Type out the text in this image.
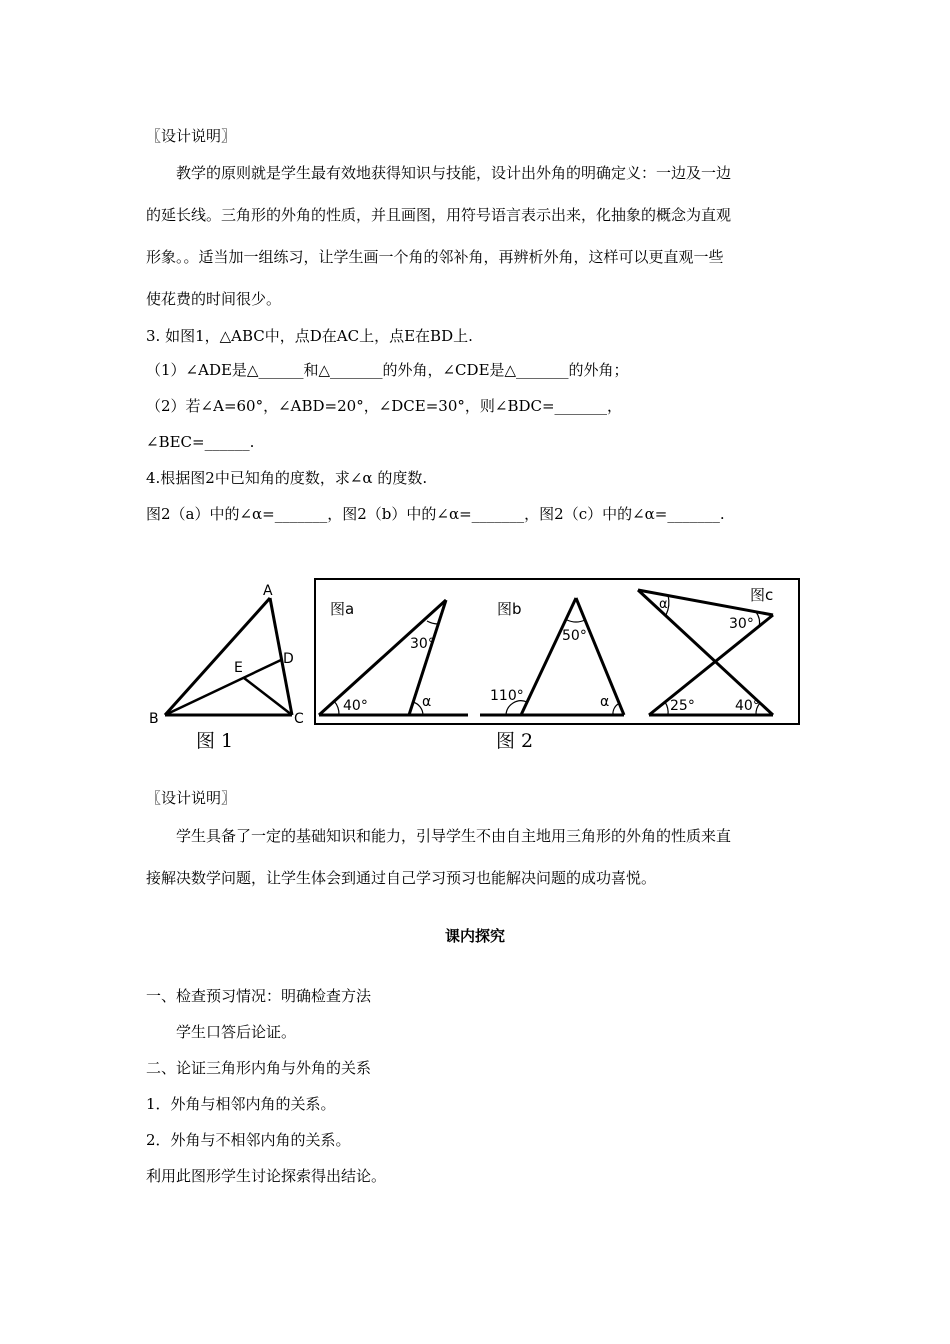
〖设计说明〗
教学的原则就是学生最有效地获得知识与技能，设计出外角的明确定义：一边及一边
的延长线。三角形的外角的性质，并且画图，用符号语言表示出来，化抽象的概念为直观
形象。。适当加一组练习，让学生画一个角的邻补角，再辨析外角，这样可以更直观一些
使花费的时间很少。
3. 如图1，△ABC中，点D在AC上，点E在BD上.
（1）∠ADE是△______和△_______的外角，∠CDE是△_______的外角；
（2）若∠A=60°，∠ABD=20°，∠DCE=30°，则∠BDC=_______，
∠BEC=______.
4.根据图2中已知角的度数，求∠α 的度数.
图2（a）中的∠α=_______，图2（b）中的∠α=_______，图2（c）中的∠α=_______.
A
B	C
D
E
图 1
图a
30°
40°	α
图b
50°
110°	α
图c
α
30°
25°	40°
图 2
〖设计说明〗
学生具备了一定的基础知识和能力，引导学生不由自主地用三角形的外角的性质来直
接解决数学问题，让学生体会到通过自己学习预习也能解决问题的成功喜悦。
课内探究
一、检查预习情况：明确检查方法
学生口答后论证。
二、论证三角形内角与外角的关系
1．外角与相邻内角的关系。
2．外角与不相邻内角的关系。
利用此图形学生讨论探索得出结论。
